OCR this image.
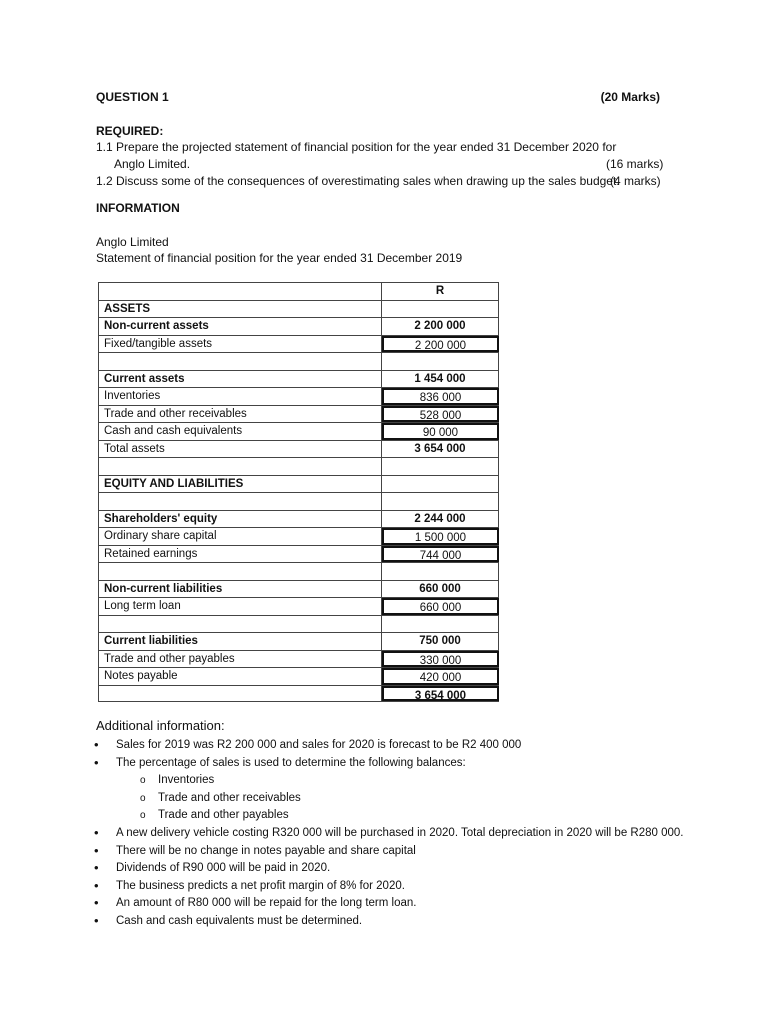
QUESTION 1	(20 Marks)
REQUIRED:
1.1 Prepare the projected statement of financial position for the year ended 31 December 2020 for
Anglo Limited.	(16 marks)
1.2 Discuss some of the consequences of overestimating sales when drawing up the sales budget.
(4 marks)
INFORMATION
Anglo Limited
Statement of financial position for the year ended 31 December 2019
R
ASSETS
Non-current assets	2 200 000
Fixed/tangible assets	2 200 000
Current assets	1 454 000
Inventories	836 000
Trade and other receivables	528 000
Cash and cash equivalents	90 000
Total assets	3 654 000
EQUITY AND LIABILITIES
Shareholders' equity	2 244 000
Ordinary share capital	1 500 000
Retained earnings	744 000
Non-current liabilities	660 000
Long term loan	660 000
Current liabilities	750 000
Trade and other payables	330 000
Notes payable	420 000
3 654 000
Additional information:
• Sales for 2019 was R2 200 000 and sales for 2020 is forecast to be R2 400 000
• The percentage of sales is used to determine the following balances:
o Inventories
o Trade and other receivables
o Trade and other payables
• A new delivery vehicle costing R320 000 will be purchased in 2020. Total depreciation in 2020 will be R280 000.
• There will be no change in notes payable and share capital
• Dividends of R90 000 will be paid in 2020.
• The business predicts a net profit margin of 8% for 2020.
• An amount of R80 000 will be repaid for the long term loan.
• Cash and cash equivalents must be determined.
